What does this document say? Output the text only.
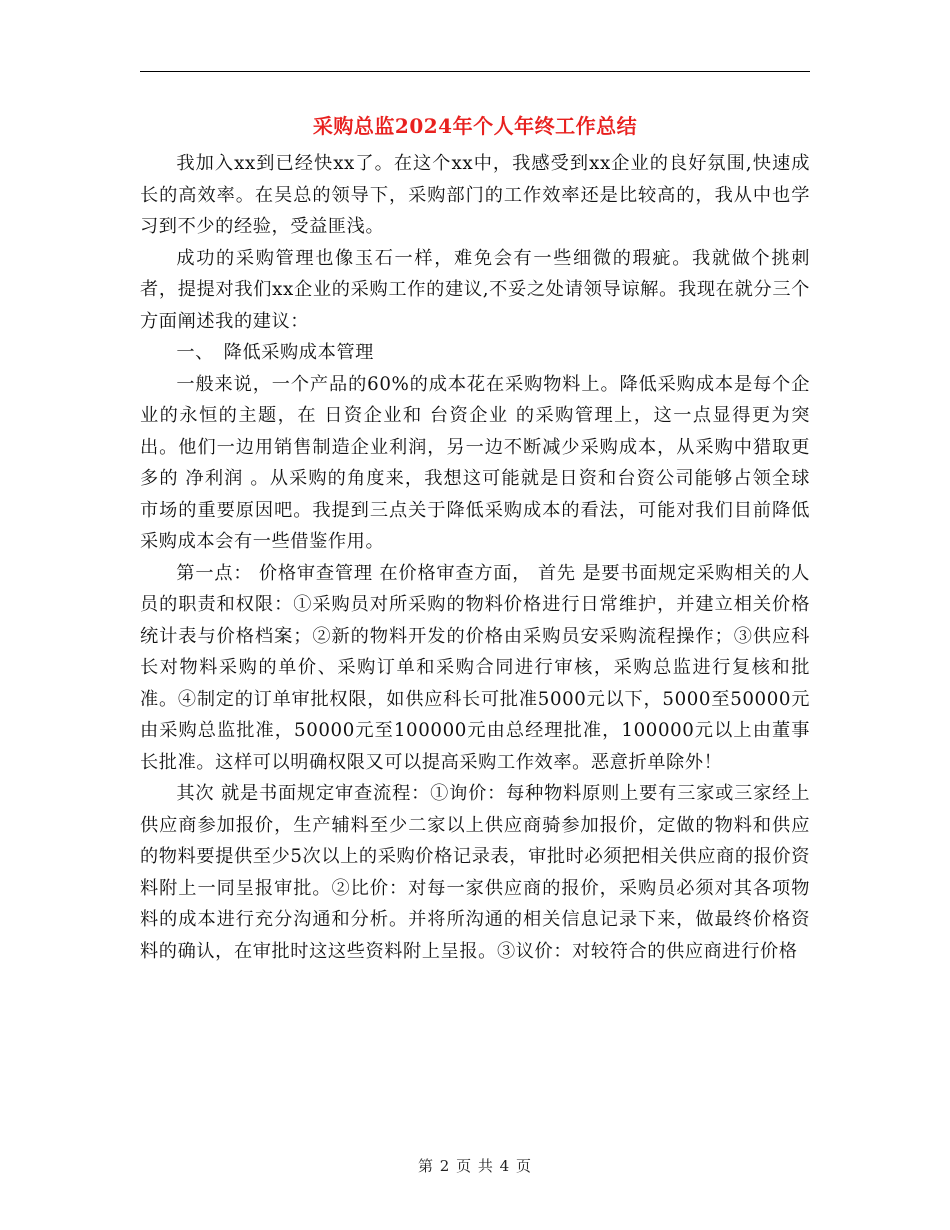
采购总监2024年个人年终工作总结

我加入xx到已经快xx了。在这个xx中，我感受到xx企业的良好氛围,快速成长的高效率。在吴总的领导下，采购部门的工作效率还是比较高的，我从中也学习到不少的经验，受益匪浅。

成功的采购管理也像玉石一样，难免会有一些细微的瑕疵。我就做个挑刺者，提提对我们xx企业的采购工作的建议,不妥之处请领导谅解。我现在就分三个方面阐述我的建议：

一、　降低采购成本管理

一般来说，一个产品的60%的成本花在采购物料上。降低采购成本是每个企业的永恒的主题，在 日资企业和 台资企业 的采购管理上，这一点显得更为突出。他们一边用销售制造企业利润，另一边不断减少采购成本，从采购中猎取更多的 净利润 。从采购的角度来，我想这可能就是日资和台资公司能够占领全球市场的重要原因吧。我提到三点关于降低采购成本的看法，可能对我们目前降低采购成本会有一些借鉴作用。

第一点： 价格审查管理 在价格审查方面， 首先 是要书面规定采购相关的人员的职责和权限：①采购员对所采购的物料价格进行日常维护，并建立相关价格统计表与价格档案；②新的物料开发的价格由采购员安采购流程操作；③供应科长对物料采购的单价、采购订单和采购合同进行审核，采购总监进行复核和批准。④制定的订单审批权限，如供应科长可批准5000元以下，5000至50000元由采购总监批准，50000元至100000元由总经理批准，100000元以上由董事长批准。这样可以明确权限又可以提高采购工作效率。恶意折单除外！

其次 就是书面规定审查流程：①询价：每种物料原则上要有三家或三家经上供应商参加报价，生产辅料至少二家以上供应商骑参加报价，定做的物料和供应的物料要提供至少5次以上的采购价格记录表，审批时必须把相关供应商的报价资料附上一同呈报审批。②比价：对每一家供应商的报价，采购员必须对其各项物料的成本进行充分沟通和分析。并将所沟通的相关信息记录下来，做最终价格资料的确认，在审批时这这些资料附上呈报。③议价：对较符合的供应商进行价格

第 2 页 共 4 页
